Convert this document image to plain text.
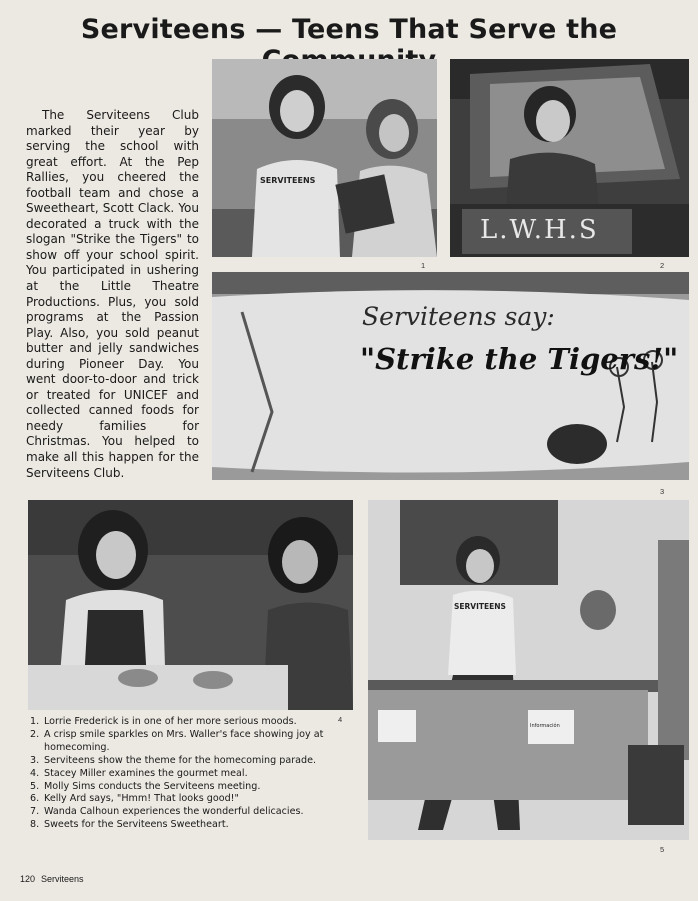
Serviteens — Teens That Serve the
SERVITEENS
1
L.W.H.S
2
Serviteens say:
"Strike the Tigers!"
3

The Serviteens Club marked their year by serving the school with great effort. At the Pep Rallies, you cheered the football team and chose a Sweetheart, Scott Clack. You decorated a truck with the slogan "Strike the Tigers" to show off your school spirit. You participated in ushering at the Little Theatre Productions. Plus, you sold programs at the Passion Play. Also, you sold peanut butter and jelly sandwiches during Pioneer Day. You went door-to-door and trick or treated for UNICEF and collected canned foods for needy families for Christmas. You helped to make all this happen for the Serviteens Club.

4
SERVITEENS
Información
5
1. Lorrie Frederick is in one of her more serious moods.
2. A crisp smile sparkles on Mrs. Waller's face showing joy at homecoming.
3. Serviteens show the theme for the homecoming parade.
4. Stacey Miller examines the gourmet meal.
5. Molly Sims conducts the Serviteens meeting.
6. Kelly Ard says, "Hmm! That looks good!"
7. Wanda Calhoun experiences the wonderful delicacies.
8. Sweets for the Serviteens Sweetheart.
120 Serviteens
